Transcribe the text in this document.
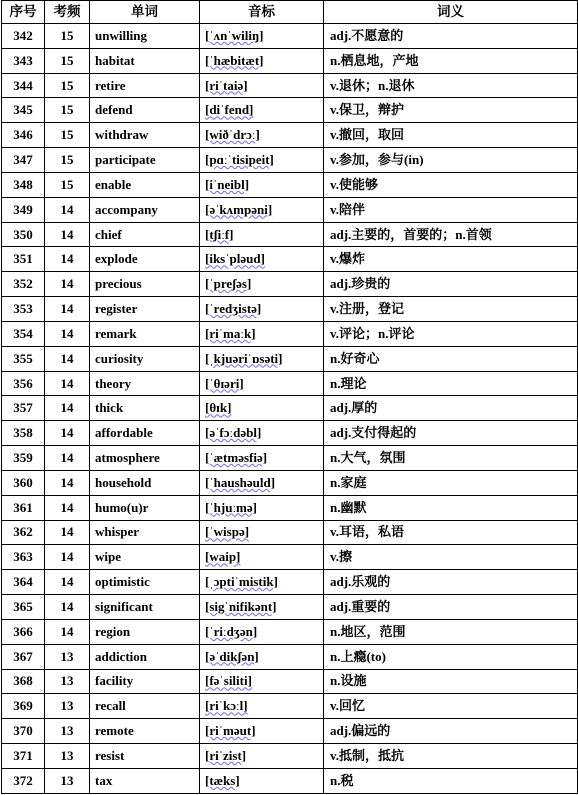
序号	考频	单词	音标	词义
342	15	unwilling	[ˈʌnˈwiliŋ]	adj.不愿意的
343	15	habitat	[ˈhæbitæt]	n.栖息地，产地
344	15	retire	[riˈtaiə]	v.退休；n.退休
345	15	defend	[diˈfend]	v.保卫，辩护
346	15	withdraw	[wiðˈdrɔː]	v.撤回，取回
347	15	participate	[pɑːˈtisipeit]	v.参加，参与(in)
348	15	enable	[iˈneibl]	v.使能够
349	14	accompany	[əˈkʌmpəni]	v.陪伴
350	14	chief	[tʃiːf]	adj.主要的，首要的；n.首领
351	14	explode	[iksˈpləud]	v.爆炸
352	14	precious	[ˈpreʃəs]	adj.珍贵的
353	14	register	[ˈredʒistə]	v.注册，登记
354	14	remark	[riˈmaːk]	v.评论；n.评论
355	14	curiosity	[ˌkjuəriˈɒsəti]	n.好奇心
356	14	theory	[ˈθɪəri]	n.理论
357	14	thick	[θɪk]	adj.厚的
358	14	affordable	[əˈfɔːdəbl]	adj.支付得起的
359	14	atmosphere	[ˈætməsfiə]	n.大气，氛围
360	14	household	[ˈhaushəuld]	n.家庭
361	14	humo(u)r	[ˈhjuːmə]	n.幽默
362	14	whisper	[ˈwispə]	v.耳语，私语
363	14	wipe	[waip]	v.擦
364	14	optimistic	[ˌɔptiˈmistik]	adj.乐观的
365	14	significant	[sigˈnifikənt]	adj.重要的
366	14	region	[ˈriːdʒən]	n.地区，范围
367	13	addiction	[əˈdikʃən]	n.上瘾(to)
368	13	facility	[fəˈsiliti]	n.设施
369	13	recall	[riˈkɔːl]	v.回忆
370	13	remote	[riˈməut]	adj.偏远的
371	13	resist	[riˈzist]	v.抵制，抵抗
372	13	tax	[tæks]	n.税
